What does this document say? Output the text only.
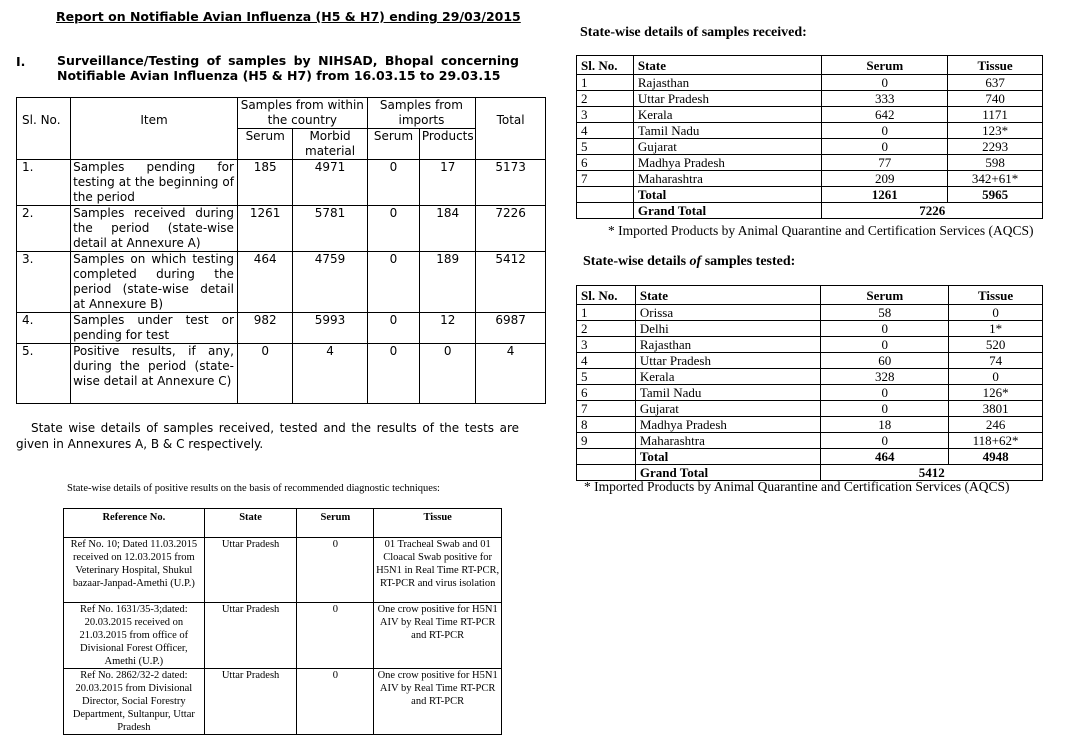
Report on Notifiable Avian Influenza (H5 & H7) ending 29/03/2015
I.	Surveillance/Testing of samples by NIHSAD, Bhopal concerning Notifiable Avian Influenza (H5 & H7) from 16.03.15 to 29.03.15
Sl. No.	Item	Samples from within the country		Samples from imports		Total
		Serum	Morbid material	Serum	Products	
1.	Samples pending for testing at the beginning of the period	185	4971	0	17	5173
2.	Samples received during the period (state-wise detail at Annexure A)	1261	5781	0	184	7226
3.	Samples on which testing completed during the period (state-wise detail at Annexure B)	464	4759	0	189	5412
4.	Samples under test or pending for test	982	5993	0	12	6987
5.	Positive results, if any, during the period (state-wise detail at Annexure C)	0	4	0	0	4
State wise details of samples received, tested and the results of the tests are given in Annexures A, B & C respectively.
State-wise details of positive results on the basis of recommended diagnostic techniques:
Reference No.	State	Serum	Tissue
Ref No. 10; Dated 11.03.2015 received on 12.03.2015 from Veterinary Hospital, Shukul bazaar-Janpad-Amethi (U.P.)	Uttar Pradesh	0	01 Tracheal Swab and 01 Cloacal Swab positive for H5N1 in Real Time RT-PCR, RT-PCR and virus isolation
Ref No. 1631/35-3;dated: 20.03.2015 received on 21.03.2015 from office of Divisional Forest Officer, Amethi (U.P.)	Uttar Pradesh	0	One crow positive for H5N1 AIV by Real Time RT-PCR and RT-PCR
Ref No. 2862/32-2 dated: 20.03.2015 from Divisional Director, Social Forestry Department, Sultanpur, Uttar Pradesh	Uttar Pradesh	0	One crow positive for H5N1 AIV by Real Time RT-PCR and RT-PCR
State-wise details of samples received:
Sl. No.	State	Serum	Tissue
1	Rajasthan	0	637
2	Uttar Pradesh	333	740
3	Kerala	642	1171
4	Tamil Nadu	0	123*
5	Gujarat	0	2293
6	Madhya Pradesh	77	598
7	Maharashtra	209	342+61*
	Total	1261	5965
	Grand Total	7226	
* Imported Products by Animal Quarantine and Certification Services (AQCS)
State-wise details of samples tested:
Sl. No.	State	Serum	Tissue
1	Orissa	58	0
2	Delhi	0	1*
3	Rajasthan	0	520
4	Uttar Pradesh	60	74
5	Kerala	328	0
6	Tamil Nadu	0	126*
7	Gujarat	0	3801
8	Madhya Pradesh	18	246
9	Maharashtra	0	118+62*
	Total	464	4948
	Grand Total	5412	
* Imported Products by Animal Quarantine and Certification Services (AQCS)
